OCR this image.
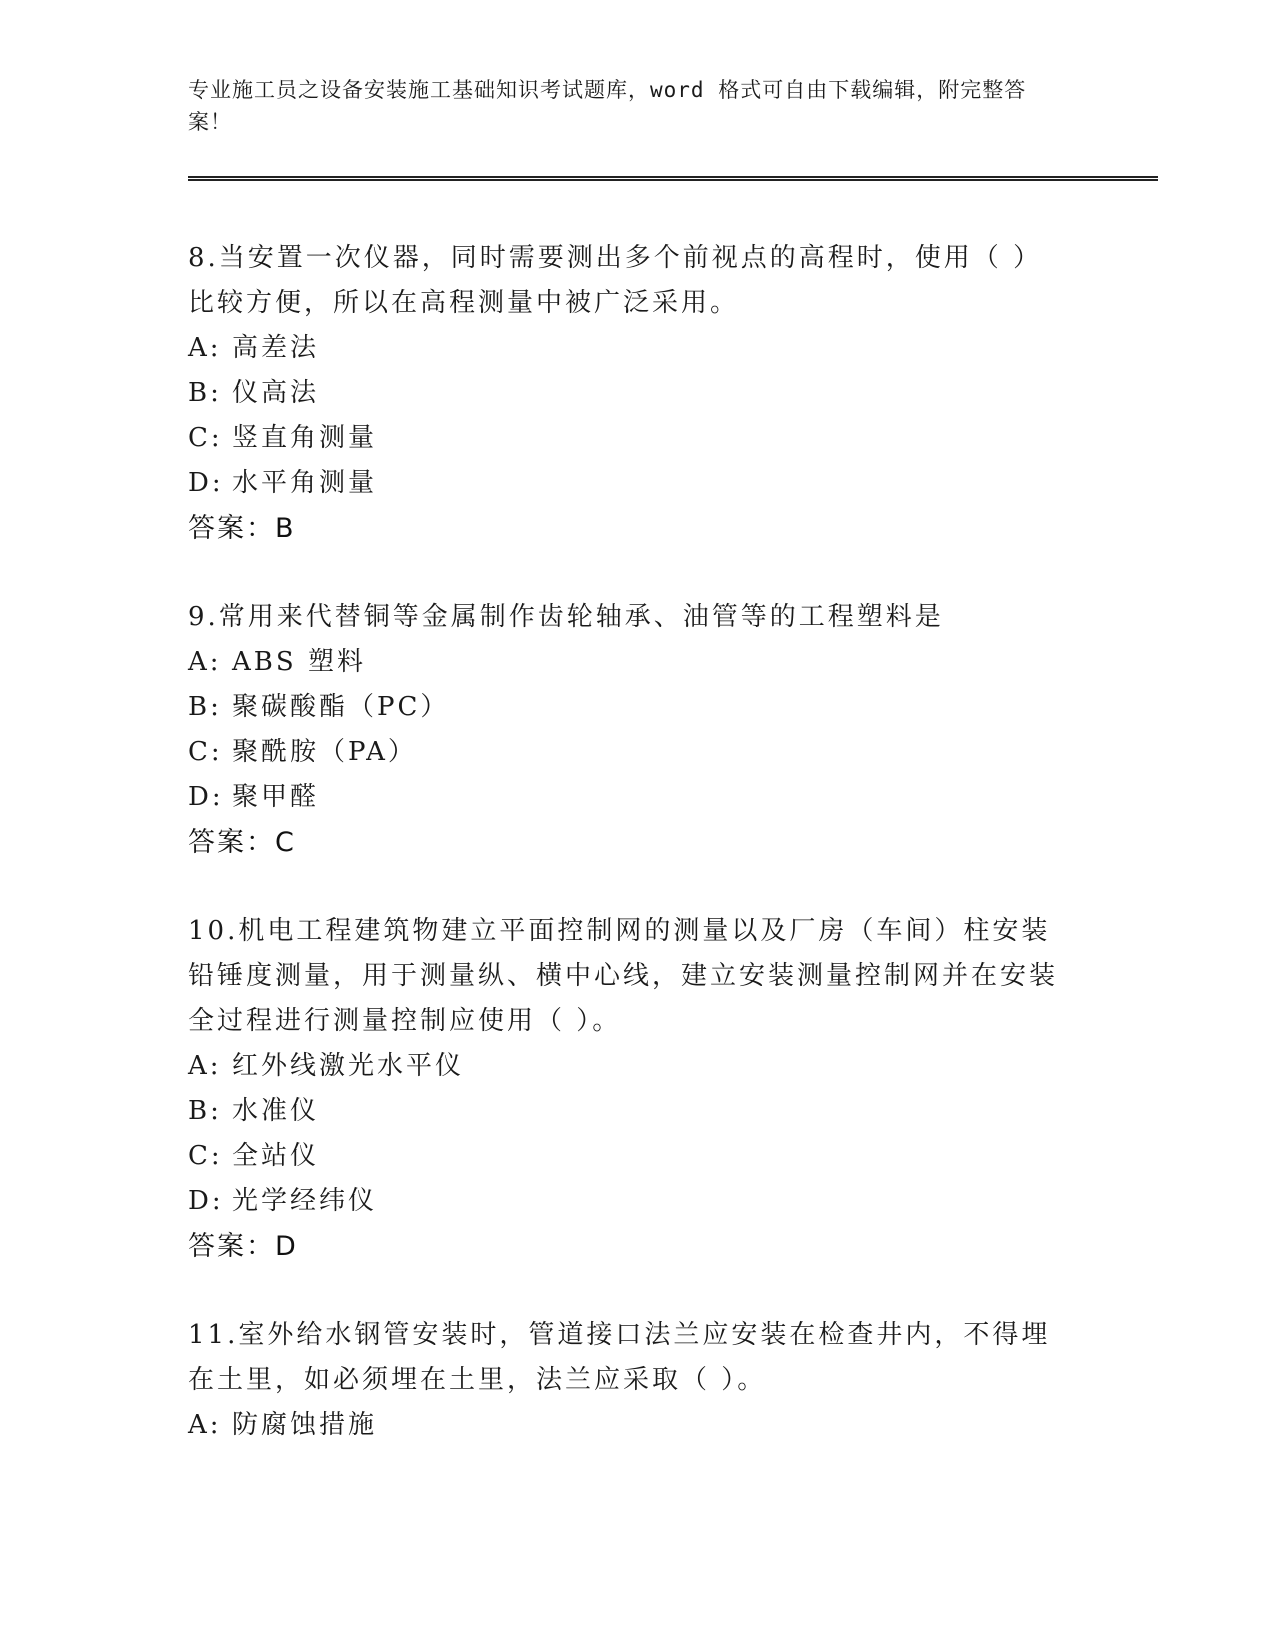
专业施工员之设备安装施工基础知识考试题库，word 格式可自由下载编辑，附完整答案！
8.当安置一次仪器，同时需要测出多个前视点的高程时，使用（ ）比较方便，所以在高程测量中被广泛采用。
A: 高差法
B: 仪高法
C: 竖直角测量
D: 水平角测量
答案：B
9.常用来代替铜等金属制作齿轮轴承、油管等的工程塑料是
A: ABS 塑料
B: 聚碳酸酯（PC）
C: 聚酰胺（PA）
D: 聚甲醛
答案：C
10.机电工程建筑物建立平面控制网的测量以及厂房（车间）柱安装铅锤度测量，用于测量纵、横中心线，建立安装测量控制网并在安装全过程进行测量控制应使用（ ）。
A: 红外线激光水平仪
B: 水准仪
C: 全站仪
D: 光学经纬仪
答案：D
11.室外给水钢管安装时，管道接口法兰应安装在检查井内，不得埋在土里，如必须埋在土里，法兰应采取（ ）。
A: 防腐蚀措施
